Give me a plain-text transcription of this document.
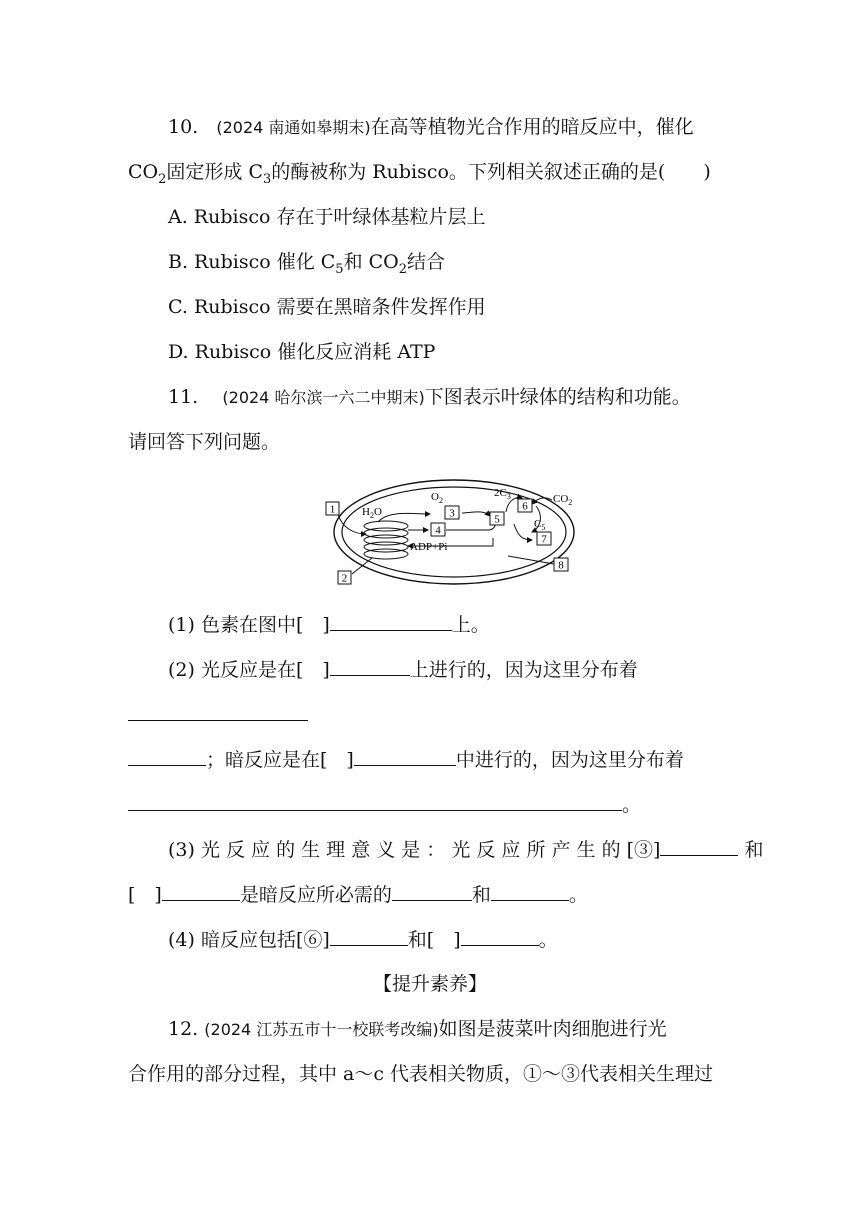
10. (2024 南通如皋期末)在高等植物光合作用的暗反应中，催化
$CO_2$固定形成 $C_3$的酶被称为 Rubisco。下列相关叙述正确的是(　　)
A. Rubisco 存在于叶绿体基粒片层上
B. Rubisco 催化 $C_5$和 $CO_2$结合
C. Rubisco 需要在黑暗条件发挥作用
D. Rubisco 催化反应消耗 ATP
11. (2024 哈尔滨一六二中期末)下图表示叶绿体的结构和功能。
请回答下列问题。
1
2
3
4
5
6
7
8
$H_2O$
$O_2$
$2C_3$	$CO_2$
$C_5$
ADP+Pi
(1) 色素在图中[　]	上。
(2) 光反应是在[　]	上进行的，因为这里分布着
；暗反应是在[　]	中进行的，因为这里分布着
。
(3) 光 反 应 的 生 理 意 义 是 ： 光 反 应 所 产 生 的 [③]	和
[　]	是暗反应所必需的	和	。
(4) 暗反应包括[⑥]	和[　]	。
【提升素养】
12. (2024 江苏五市十一校联考改编)如图是菠菜叶肉细胞进行光
合作用的部分过程，其中 a～c 代表相关物质，①～③代表相关生理过
